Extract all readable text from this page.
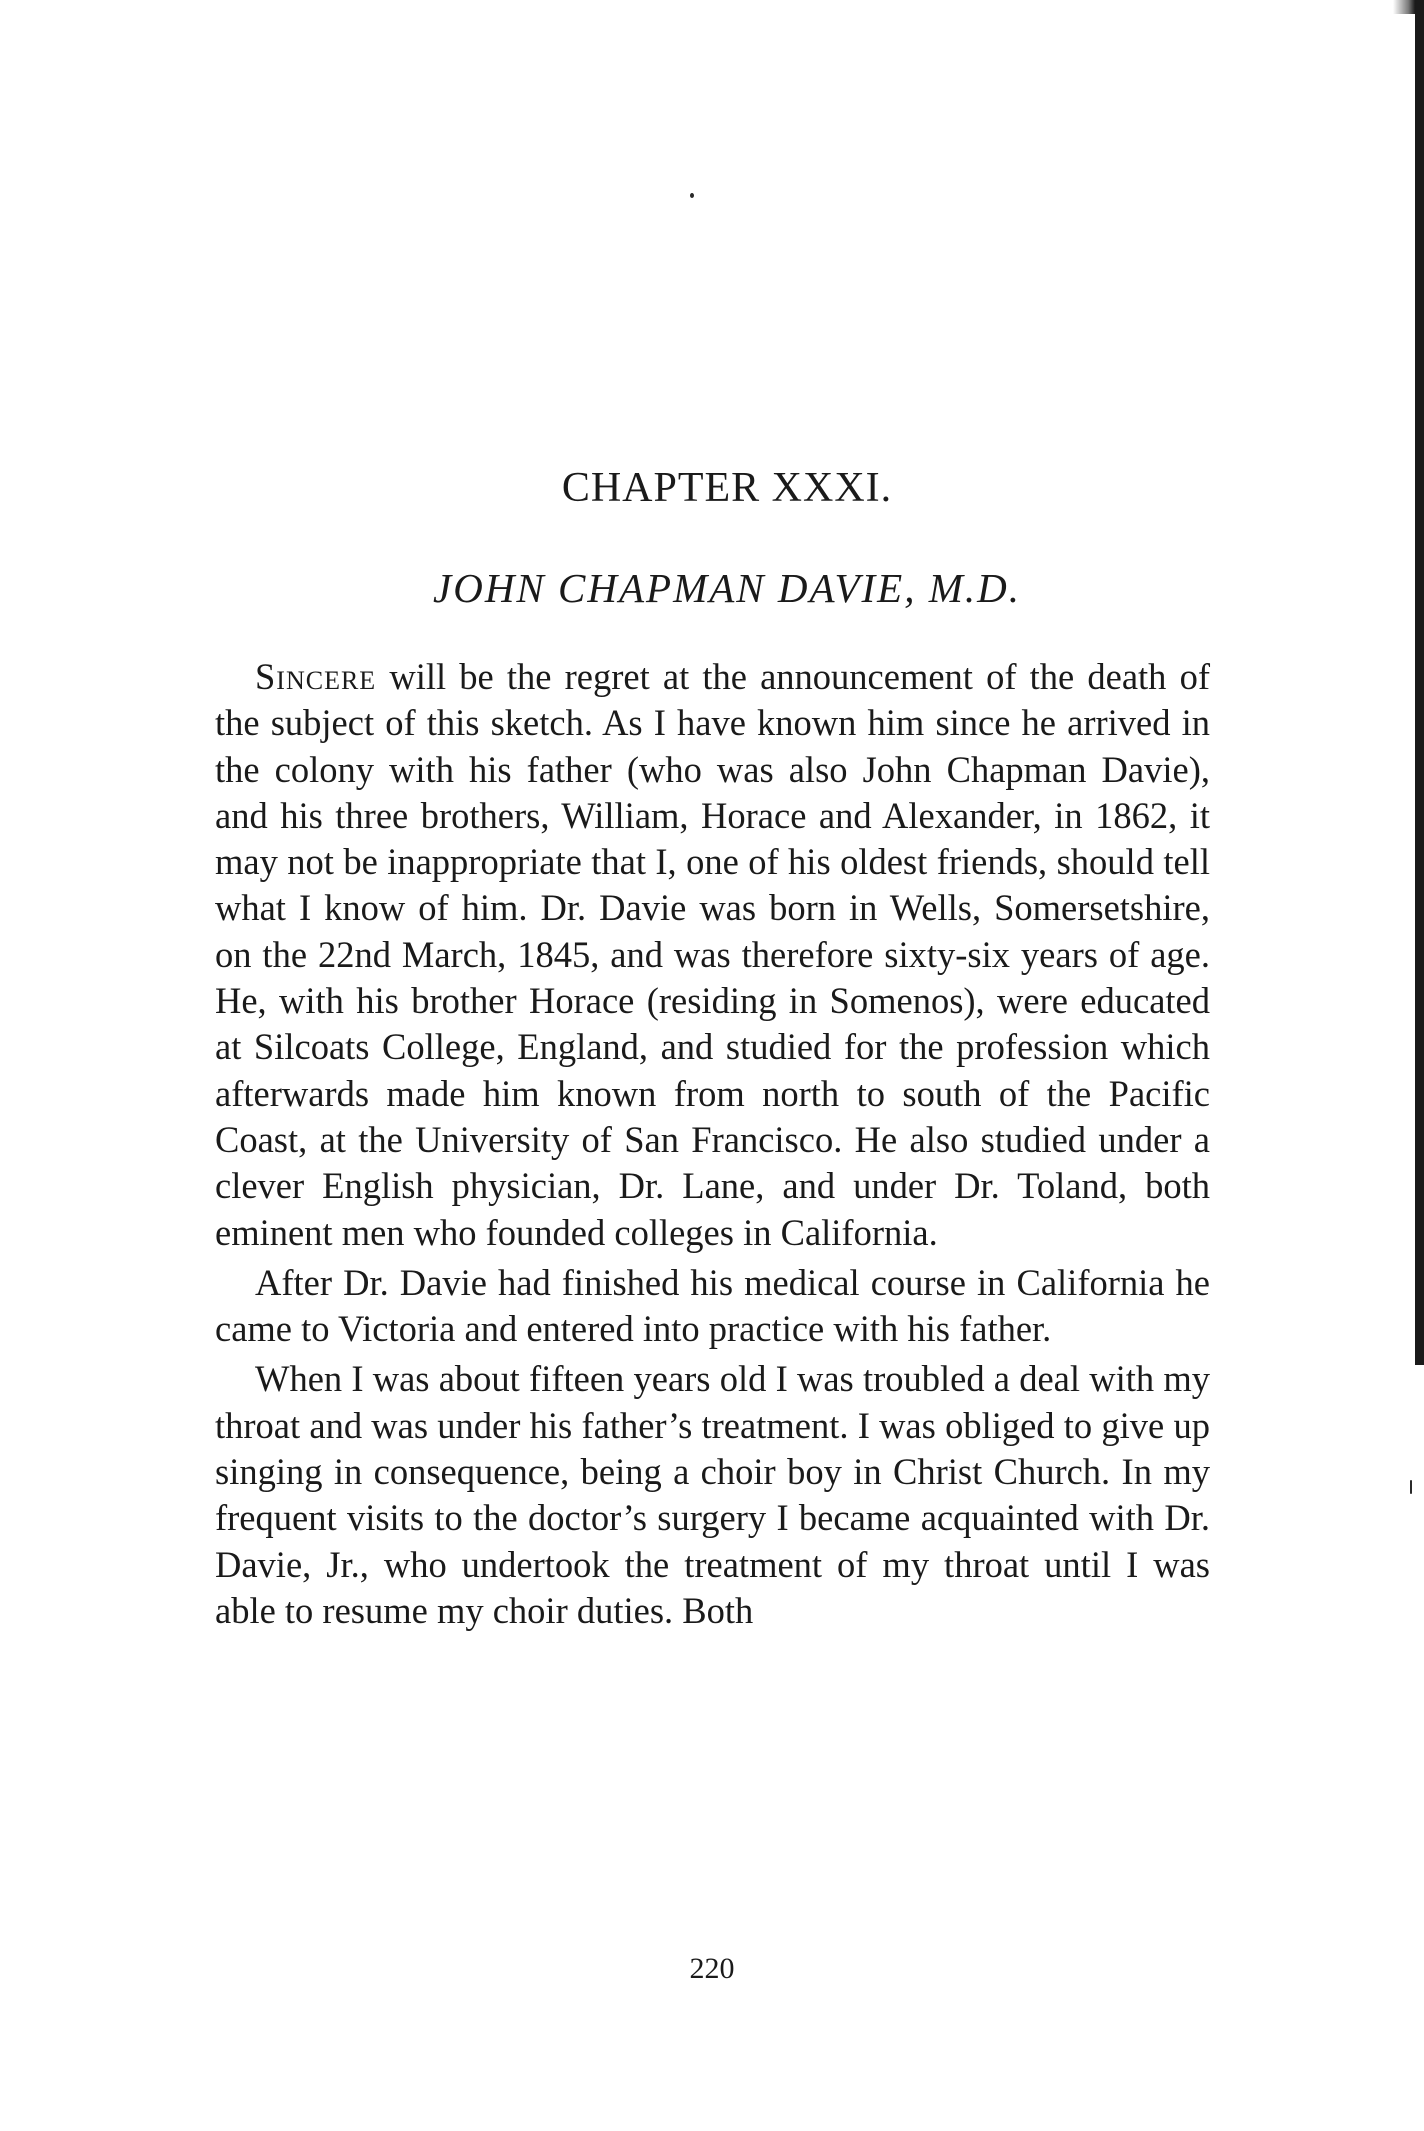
CHAPTER XXXI.
JOHN CHAPMAN DAVIE, M.D.

Sincere will be the regret at the announcement of the death of the subject of this sketch. As I have known him since he arrived in the colony with his father (who was also John Chapman Davie), and his three brothers, William, Horace and Alexander, in 1862, it may not be inappropriate that I, one of his oldest friends, should tell what I know of him. Dr. Davie was born in Wells, Somersetshire, on the 22nd March, 1845, and was therefore sixty-six years of age. He, with his brother Horace (residing in Somenos), were educated at Silcoats College, England, and studied for the profession which afterwards made him known from north to south of the Pacific Coast, at the University of San Francisco. He also studied under a clever English physician, Dr. Lane, and under Dr. Toland, both eminent men who founded colleges in California.

After Dr. Davie had finished his medical course in California he came to Victoria and entered into practice with his father.

When I was about fifteen years old I was troubled a deal with my throat and was under his father’s treatment. I was obliged to give up singing in consequence, being a choir boy in Christ Church. In my frequent visits to the doctor’s surgery I became acquainted with Dr. Davie, Jr., who undertook the treatment of my throat until I was able to resume my choir duties. Both

220
